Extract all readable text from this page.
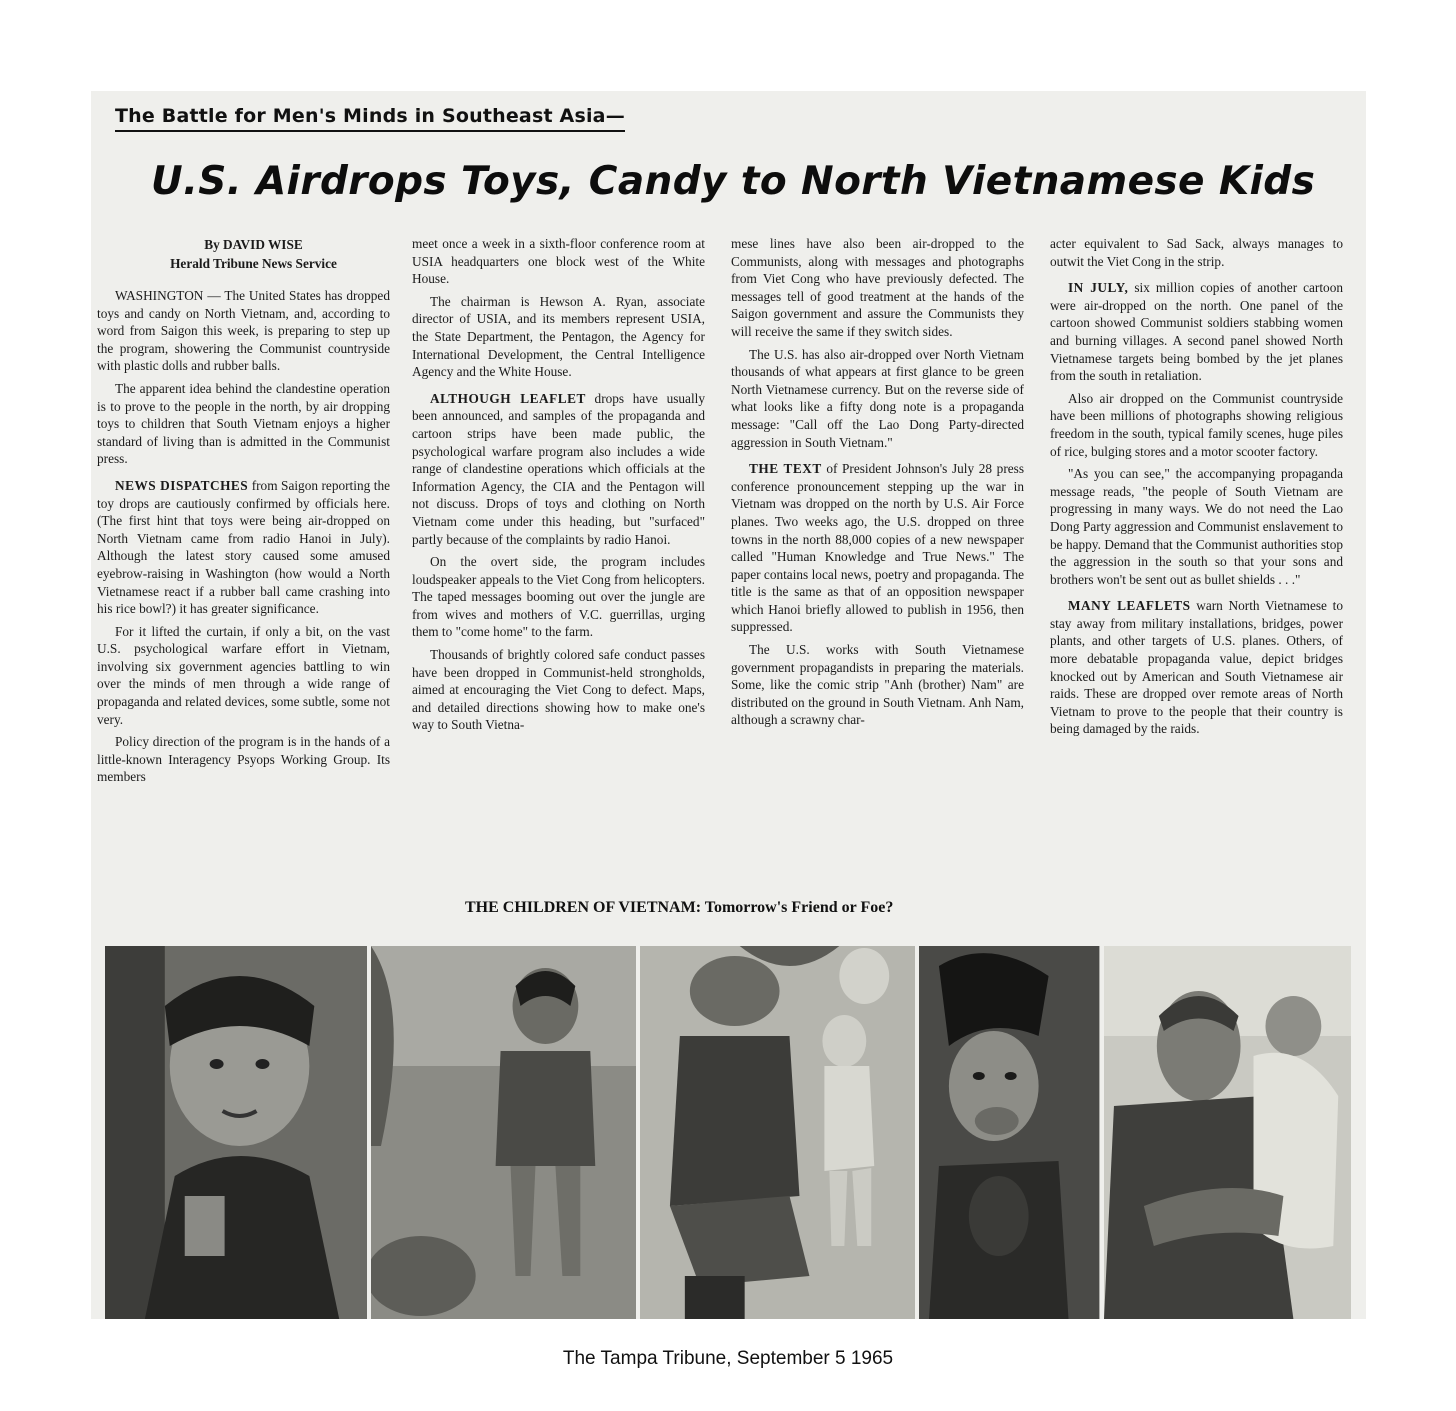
The Battle for Men's Minds in Southeast Asia—
U.S. Airdrops Toys, Candy to North Vietnamese Kids
By DAVID WISE
Herald Tribune News Service

WASHINGTON — The United States has dropped toys and candy on North Vietnam, and, according to word from Saigon this week, is preparing to step up the program, showering the Communist countryside with plastic dolls and rubber balls.

The apparent idea behind the clandestine operation is to prove to the people in the north, by air dropping toys to children that South Vietnam enjoys a higher standard of living than is admitted in the Communist press.

NEWS DISPATCHES from Saigon reporting the toy drops are cautiously confirmed by officials here. (The first hint that toys were being air-dropped on North Vietnam came from radio Hanoi in July). Although the latest story caused some amused eyebrow-raising in Washington (how would a North Vietnamese react if a rubber ball came crashing into his rice bowl?) it has greater significance.

For it lifted the curtain, if only a bit, on the vast U.S. psychological warfare effort in Vietnam, involving six government agencies battling to win over the minds of men through a wide range of propaganda and related devices, some subtle, some not very.

Policy direction of the program is in the hands of a little-known Interagency Psyops Working Group. Its members

meet once a week in a sixth-floor conference room at USIA headquarters one block west of the White House.

The chairman is Hewson A. Ryan, associate director of USIA, and its members represent USIA, the State Department, the Pentagon, the Agency for International Development, the Central Intelligence Agency and the White House.

ALTHOUGH LEAFLET drops have usually been announced, and samples of the propaganda and cartoon strips have been made public, the psychological warfare program also includes a wide range of clandestine operations which officials at the Information Agency, the CIA and the Pentagon will not discuss. Drops of toys and clothing on North Vietnam come under this heading, but "surfaced" partly because of the complaints by radio Hanoi.

On the overt side, the program includes loudspeaker appeals to the Viet Cong from helicopters. The taped messages booming out over the jungle are from wives and mothers of V.C. guerrillas, urging them to "come home" to the farm.

Thousands of brightly colored safe conduct passes have been dropped in Communist-held strongholds, aimed at encouraging the Viet Cong to defect. Maps, and detailed directions showing how to make one's way to South Vietna-

mese lines have also been air-dropped to the Communists, along with messages and photographs from Viet Cong who have previously defected. The messages tell of good treatment at the hands of the Saigon government and assure the Communists they will receive the same if they switch sides.

The U.S. has also air-dropped over North Vietnam thousands of what appears at first glance to be green North Vietnamese currency. But on the reverse side of what looks like a fifty dong note is a propaganda message: "Call off the Lao Dong Party-directed aggression in South Vietnam."

THE TEXT of President Johnson's July 28 press conference pronouncement stepping up the war in Vietnam was dropped on the north by U.S. Air Force planes. Two weeks ago, the U.S. dropped on three towns in the north 88,000 copies of a new newspaper called "Human Knowledge and True News." The paper contains local news, poetry and propaganda. The title is the same as that of an opposition newspaper which Hanoi briefly allowed to publish in 1956, then suppressed.

The U.S. works with South Vietnamese government propagandists in preparing the materials. Some, like the comic strip "Anh (brother) Nam" are distributed on the ground in South Vietnam. Anh Nam, although a scrawny char-

acter equivalent to Sad Sack, always manages to outwit the Viet Cong in the strip.

IN JULY, six million copies of another cartoon were air-dropped on the north. One panel of the cartoon showed Communist soldiers stabbing women and burning villages. A second panel showed North Vietnamese targets being bombed by the jet planes from the south in retaliation.

Also air dropped on the Communist countryside have been millions of photographs showing religious freedom in the south, typical family scenes, huge piles of rice, bulging stores and a motor scooter factory.

"As you can see," the accompanying propaganda message reads, "the people of South Vietnam are progressing in many ways. We do not need the Lao Dong Party aggression and Communist enslavement to be happy. Demand that the Communist authorities stop the aggression in the south so that your sons and brothers won't be sent out as bullet shields . . ."

MANY LEAFLETS warn North Vietnamese to stay away from military installations, bridges, power plants, and other targets of U.S. planes. Others, of more debatable propaganda value, depict bridges knocked out by American and South Vietnamese air raids. These are dropped over remote areas of North Vietnam to prove to the people that their country is being damaged by the raids.

THE CHILDREN OF VIETNAM: Tomorrow's Friend or Foe?
The Tampa Tribune, September 5 1965
